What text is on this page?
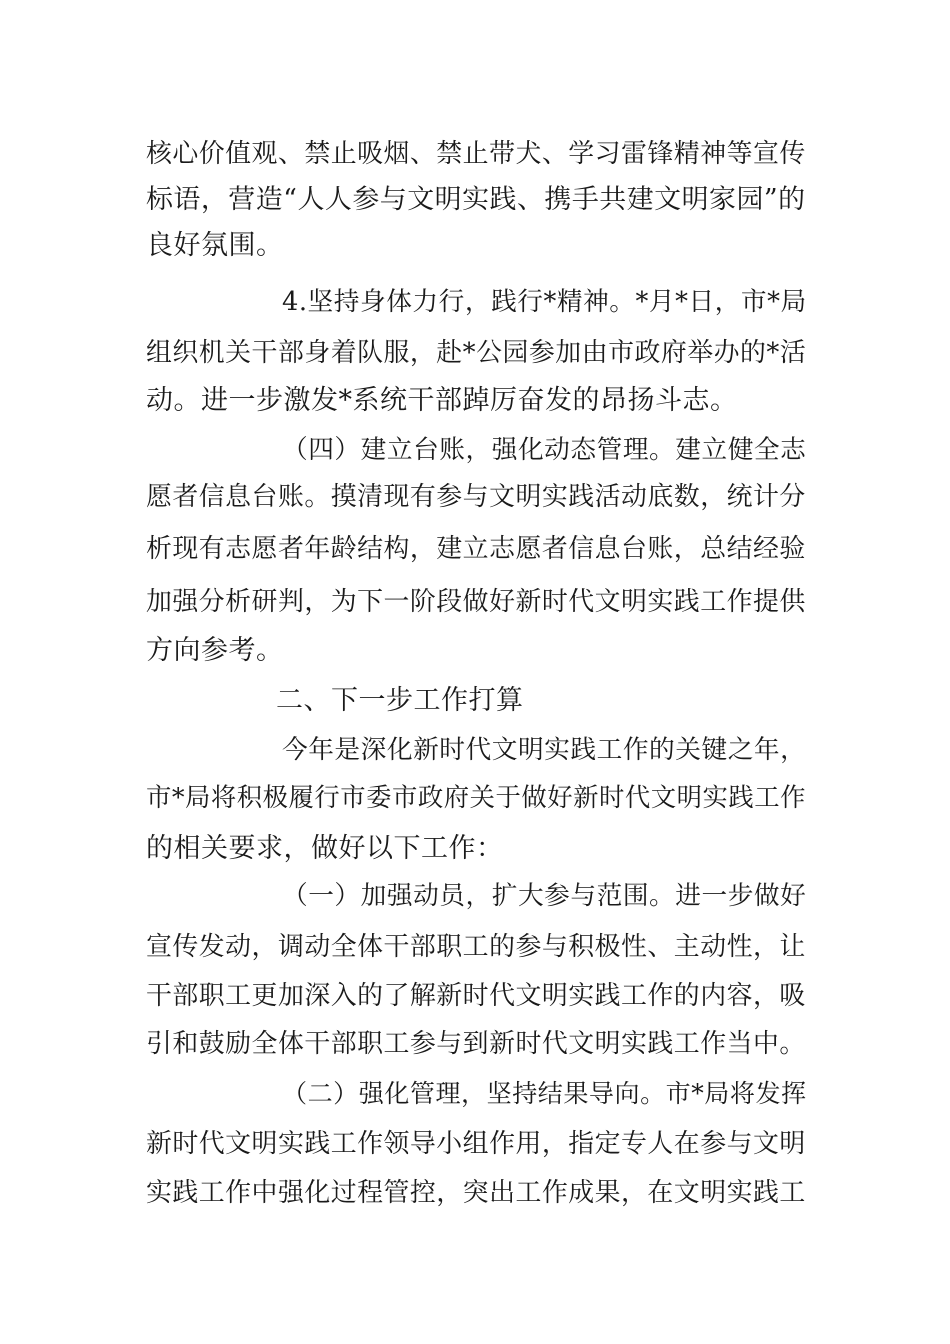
核心价值观、禁止吸烟、禁止带犬、学习雷锋精神等宣传
标语，营造“人人参与文明实践、携手共建文明家园”的
良好氛围。
4.坚持身体力行，践行*精神。*月*日，市*局
组织机关干部身着队服，赴*公园参加由市政府举办的*活
动。进一步激发*系统干部踔厉奋发的昂扬斗志。
（四）建立台账，强化动态管理。建立健全志
愿者信息台账。摸清现有参与文明实践活动底数，统计分
析现有志愿者年龄结构，建立志愿者信息台账，总结经验
加强分析研判，为下一阶段做好新时代文明实践工作提供
方向参考。
二、下一步工作打算
今年是深化新时代文明实践工作的关键之年，
市*局将积极履行市委市政府关于做好新时代文明实践工作
的相关要求，做好以下工作：
（一）加强动员，扩大参与范围。进一步做好
宣传发动，调动全体干部职工的参与积极性、主动性，让
干部职工更加深入的了解新时代文明实践工作的内容，吸
引和鼓励全体干部职工参与到新时代文明实践工作当中。
（二）强化管理，坚持结果导向。市*局将发挥
新时代文明实践工作领导小组作用，指定专人在参与文明
实践工作中强化过程管控，突出工作成果，在文明实践工
